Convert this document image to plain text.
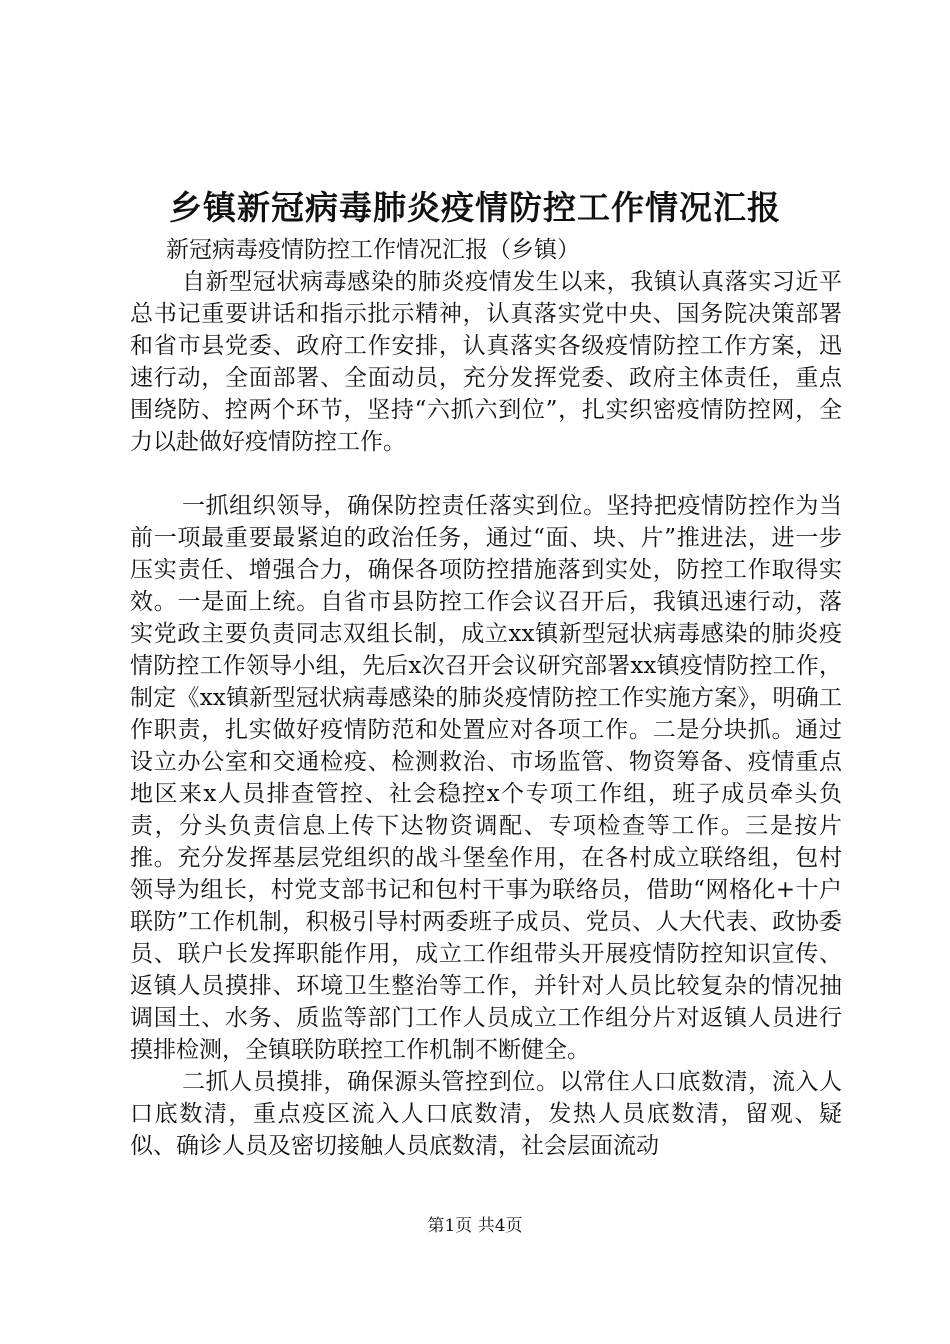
乡镇新冠病毒肺炎疫情防控工作情况汇报

新冠病毒疫情防控工作情况汇报（乡镇）

自新型冠状病毒感染的肺炎疫情发生以来，我镇认真落实习近平总书记重要讲话和指示批示精神，认真落实党中央、国务院决策部署和省市县党委、政府工作安排，认真落实各级疫情防控工作方案，迅速行动，全面部署、全面动员，充分发挥党委、政府主体责任，重点围绕防、控两个环节，坚持“六抓六到位”，扎实织密疫情防控网，全力以赴做好疫情防控工作。

一抓组织领导，确保防控责任落实到位。坚持把疫情防控作为当前一项最重要最紧迫的政治任务，通过“面、块、片”推进法，进一步压实责任、增强合力，确保各项防控措施落到实处，防控工作取得实效。一是面上统。自省市县防控工作会议召开后，我镇迅速行动，落实党政主要负责同志双组长制，成立xx镇新型冠状病毒感染的肺炎疫情防控工作领导小组，先后x次召开会议研究部署xx镇疫情防控工作，制定《xx镇新型冠状病毒感染的肺炎疫情防控工作实施方案》，明确工作职责，扎实做好疫情防范和处置应对各项工作。二是分块抓。通过设立办公室和交通检疫、检测救治、市场监管、物资筹备、疫情重点地区来x人员排查管控、社会稳控x个专项工作组，班子成员牵头负责，分头负责信息上传下达物资调配、专项检查等工作。三是按片推。充分发挥基层党组织的战斗堡垒作用，在各村成立联络组，包村领导为组长，村党支部书记和包村干事为联络员，借助“网格化+十户联防”工作机制，积极引导村两委班子成员、党员、人大代表、政协委员、联户长发挥职能作用，成立工作组带头开展疫情防控知识宣传、返镇人员摸排、环境卫生整治等工作，并针对人员比较复杂的情况抽调国土、水务、质监等部门工作人员成立工作组分片对返镇人员进行摸排检测，全镇联防联控工作机制不断健全。

二抓人员摸排，确保源头管控到位。以常住人口底数清，流入人口底数清，重点疫区流入人口底数清，发热人员底数清，留观、疑似、确诊人员及密切接触人员底数清，社会层面流动

第1页 共4页
